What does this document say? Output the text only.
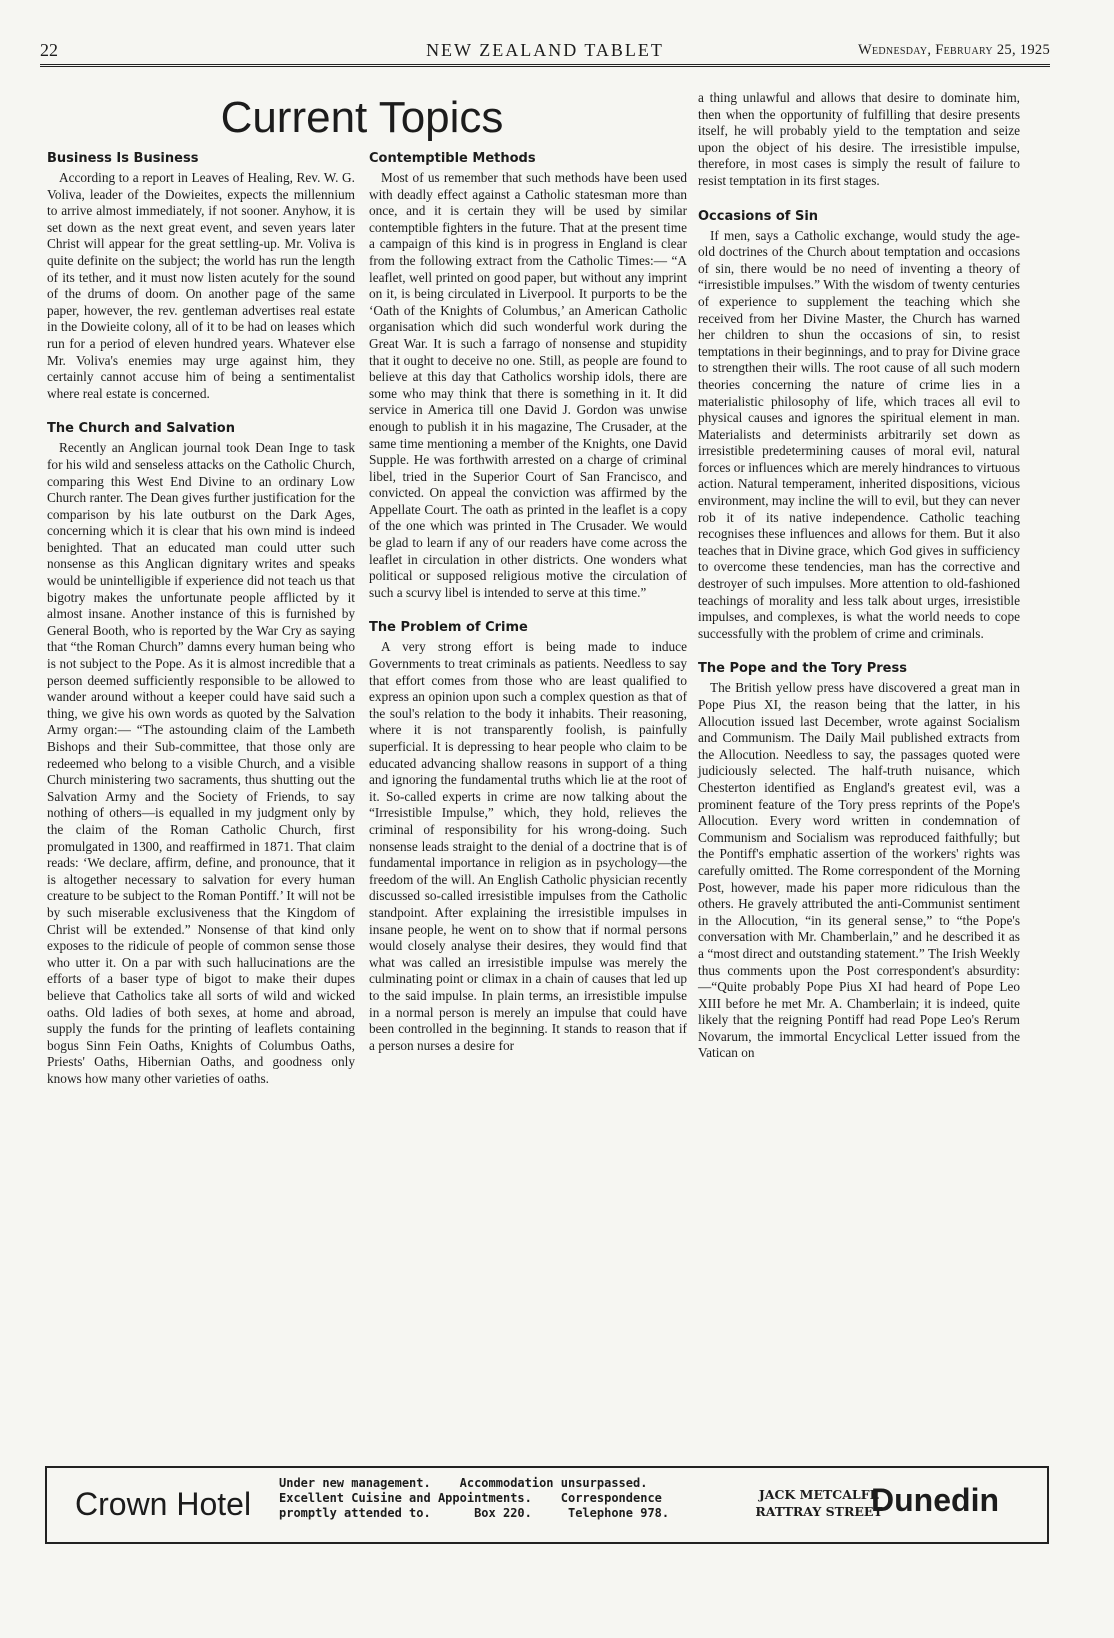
22	NEW ZEALAND TABLET	Wednesday, February 25, 1925
Current Topics
Business Is Business

According to a report in Leaves of Healing, Rev. W. G. Voliva, leader of the Dowieites, expects the millennium to arrive almost immediately, if not sooner. Anyhow, it is set down as the next great event, and seven years later Christ will appear for the great settling-up. Mr. Voliva is quite definite on the subject; the world has run the length of its tether, and it must now listen acutely for the sound of the drums of doom. On another page of the same paper, however, the rev. gentleman advertises real estate in the Dowieite colony, all of it to be had on leases which run for a period of eleven hundred years. Whatever else Mr. Voliva's enemies may urge against him, they certainly cannot accuse him of being a sentimentalist where real estate is concerned.

The Church and Salvation

Recently an Anglican journal took Dean Inge to task for his wild and senseless attacks on the Catholic Church, comparing this West End Divine to an ordinary Low Church ranter. The Dean gives further justification for the comparison by his late outburst on the Dark Ages, concerning which it is clear that his own mind is indeed benighted. That an educated man could utter such nonsense as this Anglican dignitary writes and speaks would be unintelligible if experience did not teach us that bigotry makes the unfortunate people afflicted by it almost insane. Another instance of this is furnished by General Booth, who is reported by the War Cry as saying that “the Roman Church” damns every human being who is not subject to the Pope. As it is almost incredible that a person deemed sufficiently responsible to be allowed to wander around without a keeper could have said such a thing, we give his own words as quoted by the Salvation Army organ:— “The astounding claim of the Lambeth Bishops and their Sub-committee, that those only are redeemed who belong to a visible Church, and a visible Church ministering two sacraments, thus shutting out the Salvation Army and the Society of Friends, to say nothing of others—is equalled in my judgment only by the claim of the Roman Catholic Church, first promulgated in 1300, and reaffirmed in 1871. That claim reads: ‘We declare, affirm, define, and pronounce, that it is altogether necessary to salvation for every human creature to be subject to the Roman Pontiff.’ It will not be by such miserable exclusiveness that the Kingdom of Christ will be extended.” Nonsense of that kind only exposes to the ridicule of people of common sense those who utter it. On a par with such hallucinations are the efforts of a baser type of bigot to make their dupes believe that Catholics take all sorts of wild and wicked oaths. Old ladies of both sexes, at home and abroad, supply the funds for the printing of leaflets containing bogus Sinn Fein Oaths, Knights of Columbus Oaths, Priests' Oaths, Hibernian Oaths, and goodness only knows how many other varieties of oaths.

Contemptible Methods

Most of us remember that such methods have been used with deadly effect against a Catholic statesman more than once, and it is certain they will be used by similar contemptible fighters in the future. That at the present time a campaign of this kind is in progress in England is clear from the following extract from the Catholic Times:— “A leaflet, well printed on good paper, but without any imprint on it, is being circulated in Liverpool. It purports to be the ‘Oath of the Knights of Columbus,’ an American Catholic organisation which did such wonderful work during the Great War. It is such a farrago of nonsense and stupidity that it ought to deceive no one. Still, as people are found to believe at this day that Catholics worship idols, there are some who may think that there is something in it. It did service in America till one David J. Gordon was unwise enough to publish it in his magazine, The Crusader, at the same time mentioning a member of the Knights, one David Supple. He was forthwith arrested on a charge of criminal libel, tried in the Superior Court of San Francisco, and convicted. On appeal the conviction was affirmed by the Appellate Court. The oath as printed in the leaflet is a copy of the one which was printed in The Crusader. We would be glad to learn if any of our readers have come across the leaflet in circulation in other districts. One wonders what political or supposed religious motive the circulation of such a scurvy libel is intended to serve at this time.”

The Problem of Crime

A very strong effort is being made to induce Governments to treat criminals as patients. Needless to say that effort comes from those who are least qualified to express an opinion upon such a complex question as that of the soul's relation to the body it inhabits. Their reasoning, where it is not transparently foolish, is painfully superficial. It is depressing to hear people who claim to be educated advancing shallow reasons in support of a thing and ignoring the fundamental truths which lie at the root of it. So-called experts in crime are now talking about the “Irresistible Impulse,” which, they hold, relieves the criminal of responsibility for his wrong-doing. Such nonsense leads straight to the denial of a doctrine that is of fundamental importance in religion as in psychology—the freedom of the will. An English Catholic physician recently discussed so-called irresistible impulses from the Catholic standpoint. After explaining the irresistible impulses in insane people, he went on to show that if normal persons would closely analyse their desires, they would find that what was called an irresistible impulse was merely the culminating point or climax in a chain of causes that led up to the said impulse. In plain terms, an irresistible impulse in a normal person is merely an impulse that could have been controlled in the beginning. It stands to reason that if a person nurses a desire for

a thing unlawful and allows that desire to dominate him, then when the opportunity of fulfilling that desire presents itself, he will probably yield to the temptation and seize upon the object of his desire. The irresistible impulse, therefore, in most cases is simply the result of failure to resist temptation in its first stages.

Occasions of Sin

If men, says a Catholic exchange, would study the age-old doctrines of the Church about temptation and occasions of sin, there would be no need of inventing a theory of “irresistible impulses.” With the wisdom of twenty centuries of experience to supplement the teaching which she received from her Divine Master, the Church has warned her children to shun the occasions of sin, to resist temptations in their beginnings, and to pray for Divine grace to strengthen their wills. The root cause of all such modern theories concerning the nature of crime lies in a materialistic philosophy of life, which traces all evil to physical causes and ignores the spiritual element in man. Materialists and determinists arbitrarily set down as irresistible predetermining causes of moral evil, natural forces or influences which are merely hindrances to virtuous action. Natural temperament, inherited dispositions, vicious environment, may incline the will to evil, but they can never rob it of its native independence. Catholic teaching recognises these influences and allows for them. But it also teaches that in Divine grace, which God gives in sufficiency to overcome these tendencies, man has the corrective and destroyer of such impulses. More attention to old-fashioned teachings of morality and less talk about urges, irresistible impulses, and complexes, is what the world needs to cope successfully with the problem of crime and criminals.

The Pope and the Tory Press

The British yellow press have discovered a great man in Pope Pius XI, the reason being that the latter, in his Allocution issued last December, wrote against Socialism and Communism. The Daily Mail published extracts from the Allocution. Needless to say, the passages quoted were judiciously selected. The half-truth nuisance, which Chesterton identified as England's greatest evil, was a prominent feature of the Tory press reprints of the Pope's Allocution. Every word written in condemnation of Communism and Socialism was reproduced faithfully; but the Pontiff's emphatic assertion of the workers' rights was carefully omitted. The Rome correspondent of the Morning Post, however, made his paper more ridiculous than the others. He gravely attributed the anti-Communist sentiment in the Allocution, “in its general sense,” to “the Pope's conversation with Mr. Chamberlain,” and he described it as a “most direct and outstanding statement.” The Irish Weekly thus comments upon the Post correspondent's absurdity:—“Quite probably Pope Pius XI had heard of Pope Leo XIII before he met Mr. A. Chamberlain; it is indeed, quite likely that the reigning Pontiff had read Pope Leo's Rerum Novarum, the immortal Encyclical Letter issued from the Vatican on

Crown Hotel
Under new management.    Accommodation unsurpassed.
Excellent Cuisine and Appointments.    Correspondence
promptly attended to.      Box 220.     Telephone 978.
JACK METCALFE
RATTRAY STREET
Dunedin
